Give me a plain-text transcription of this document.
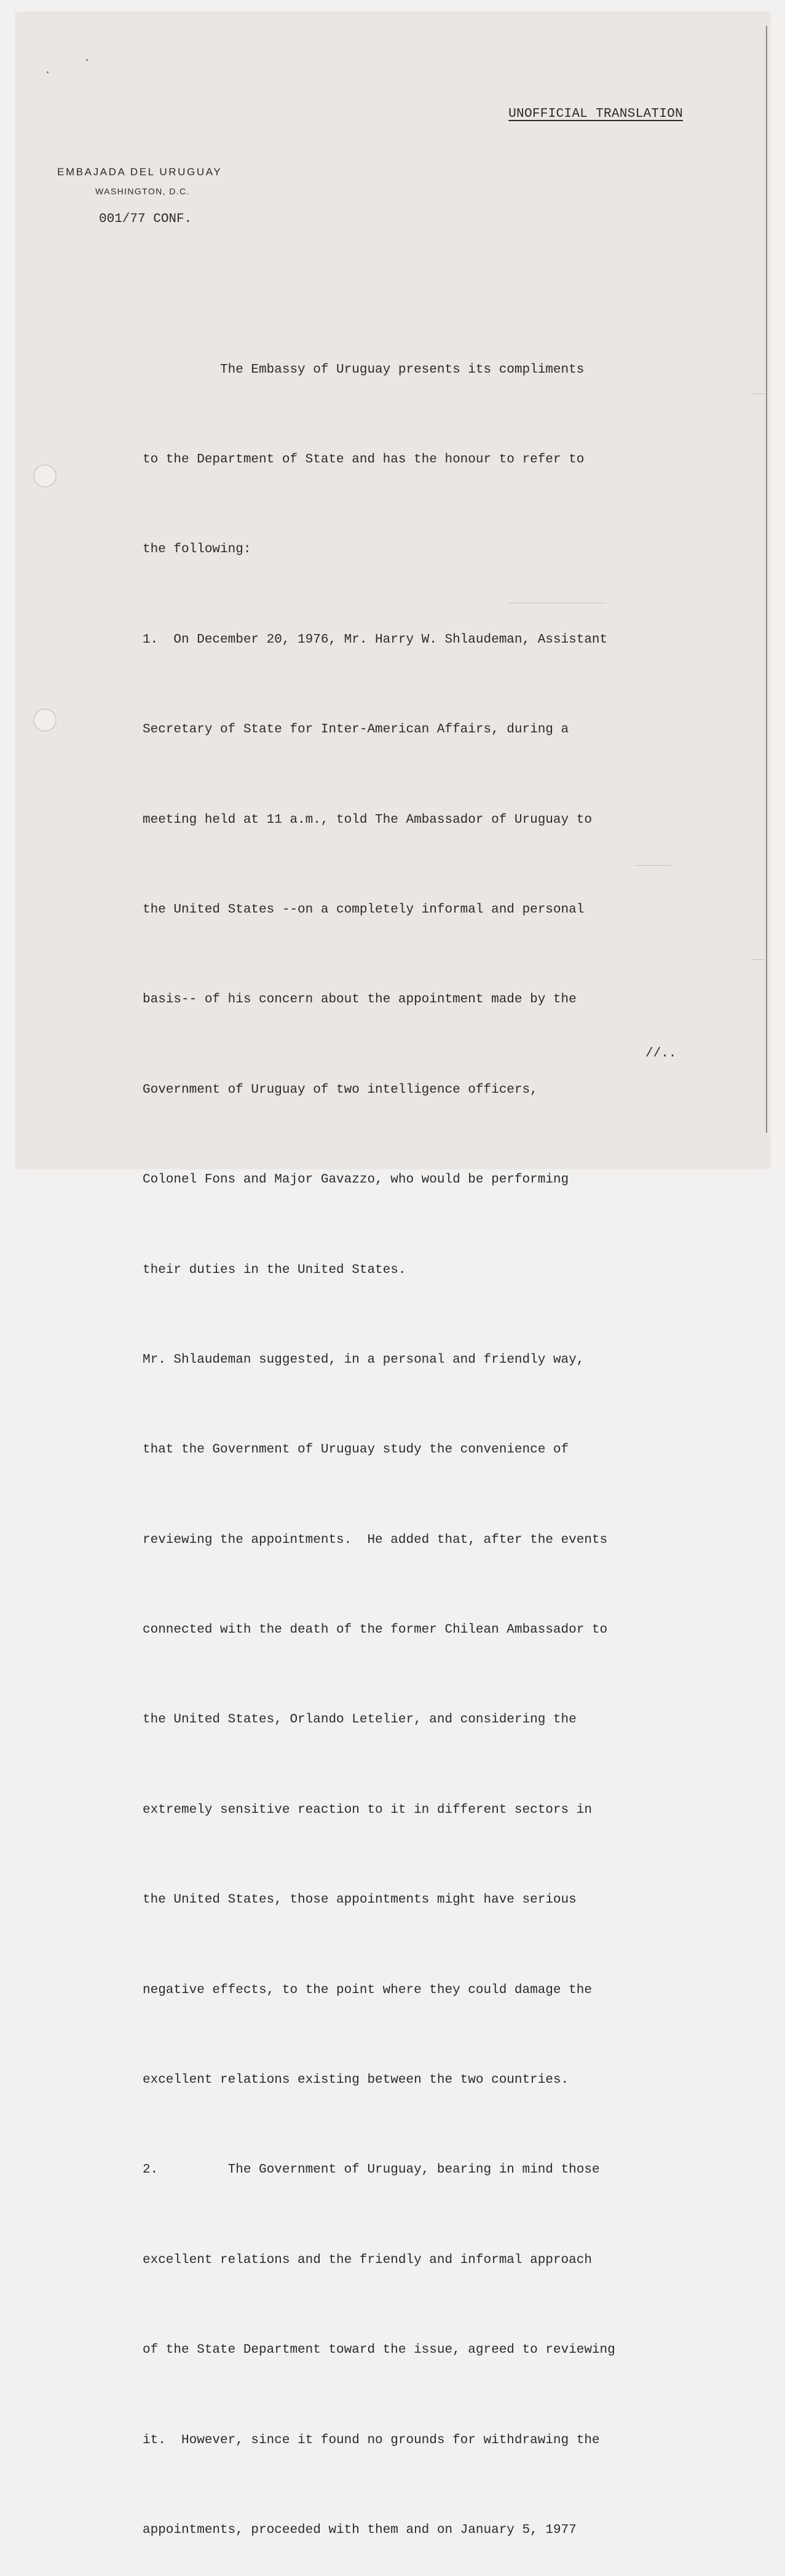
UNOFFICIAL TRANSLATION
EMBAJADA DEL URUGUAY
WASHINGTON, D.C.
001/77 CONF.

The Embassy of Uruguay presents its compliments

to the Department of State and has the honour to refer to

the following:

1.  On December 20, 1976, Mr. Harry W. Shlaudeman, Assistant

Secretary of State for Inter-American Affairs, during a

meeting held at 11 a.m., told The Ambassador of Uruguay to

the United States --on a completely informal and personal

basis-- of his concern about the appointment made by the

Government of Uruguay of two intelligence officers,

Colonel Fons and Major Gavazzo, who would be performing

their duties in the United States.

Mr. Shlaudeman suggested, in a personal and friendly way,

that the Government of Uruguay study the convenience of

reviewing the appointments.  He added that, after the events

connected with the death of the former Chilean Ambassador to

the United States, Orlando Letelier, and considering the

extremely sensitive reaction to it in different sectors in

the United States, those appointments might have serious

negative effects, to the point where they could damage the

excellent relations existing between the two countries.

2.         The Government of Uruguay, bearing in mind those

excellent relations and the friendly and informal approach

of the State Department toward the issue, agreed to reviewing

it.  However, since it found no grounds for withdrawing the

appointments, proceeded with them and on January 5, 1977

//..
